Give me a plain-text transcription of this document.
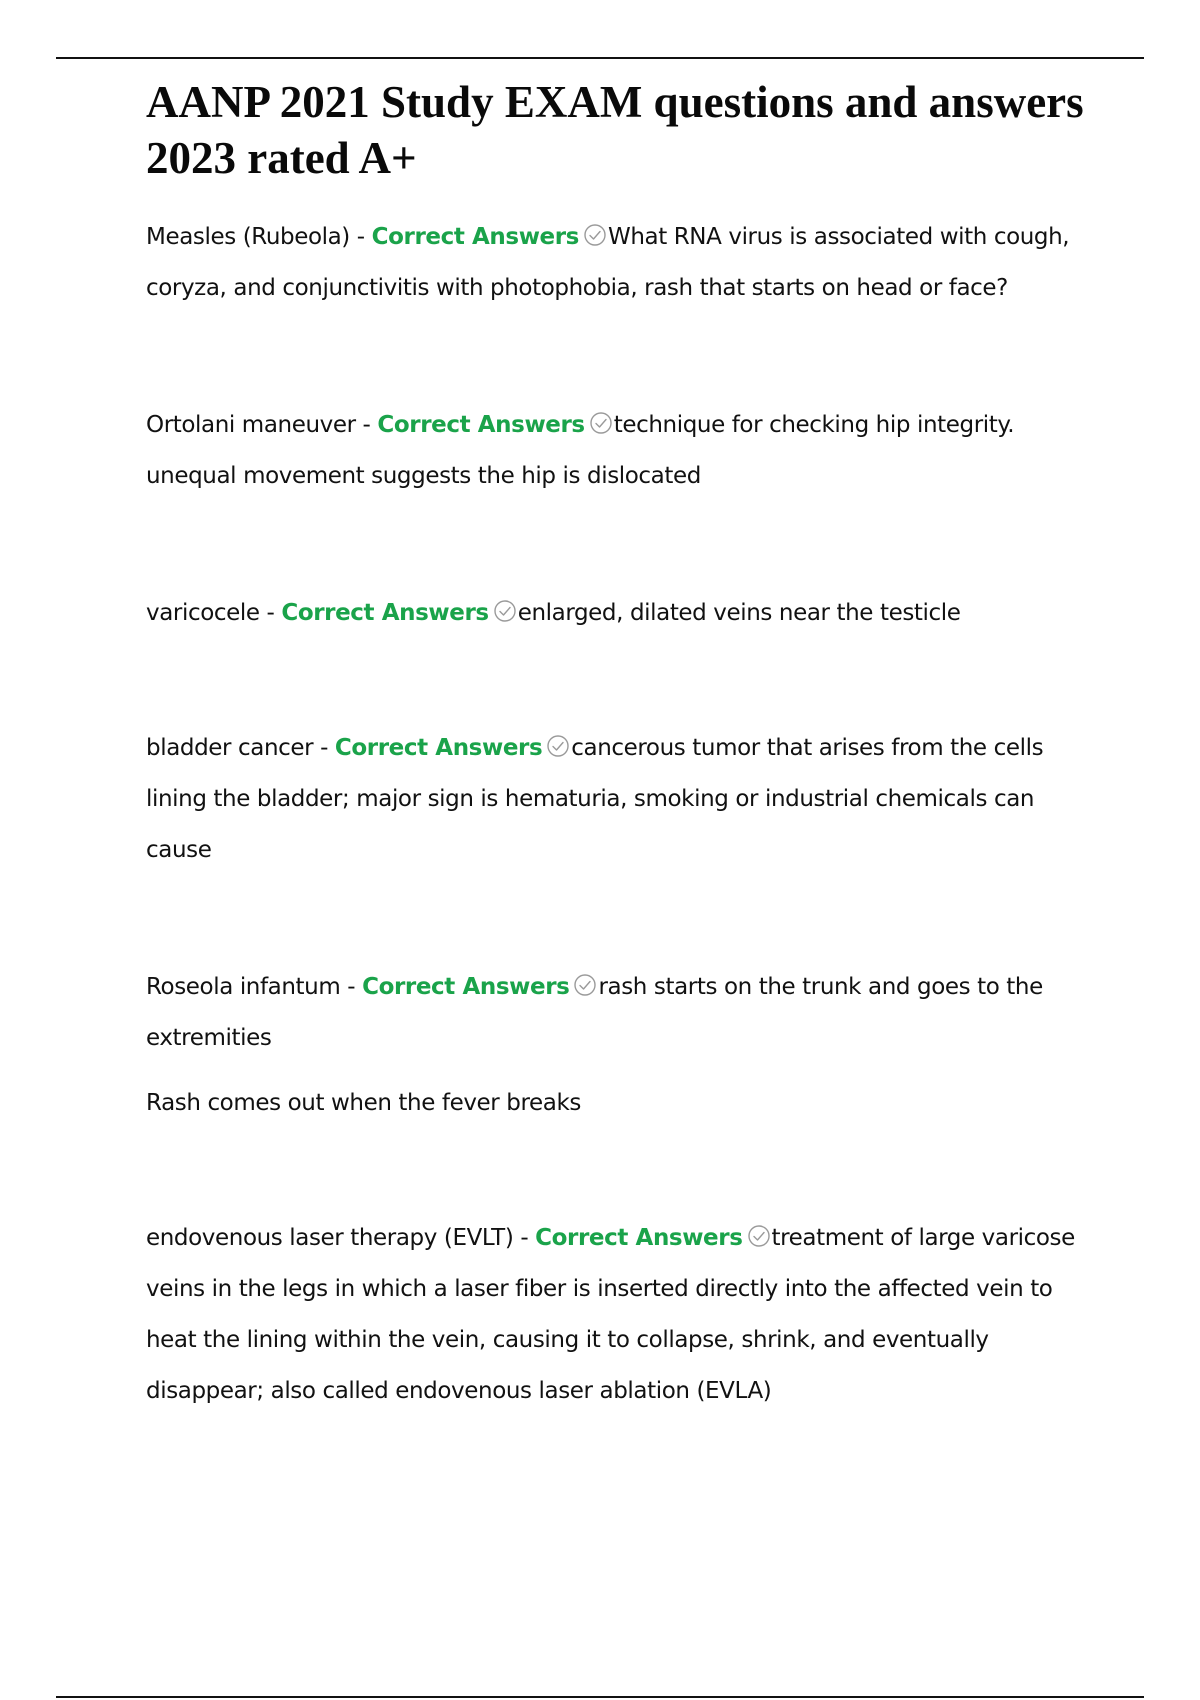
AANP 2021 Study EXAM questions and answers 2023 rated A+

Measles (Rubeola) - Correct Answers What RNA virus is associated with cough, coryza, and conjunctivitis with photophobia, rash that starts on head or face?

Ortolani maneuver - Correct Answers technique for checking hip integrity. unequal movement suggests the hip is dislocated

varicocele - Correct Answers enlarged, dilated veins near the testicle

bladder cancer - Correct Answers cancerous tumor that arises from the cells lining the bladder; major sign is hematuria, smoking or industrial chemicals can cause

Roseola infantum - Correct Answers rash starts on the trunk and goes to the extremities

Rash comes out when the fever breaks

endovenous laser therapy (EVLT) - Correct Answers treatment of large varicose veins in the legs in which a laser fiber is inserted directly into the affected vein to heat the lining within the vein, causing it to collapse, shrink, and eventually disappear; also called endovenous laser ablation (EVLA)
